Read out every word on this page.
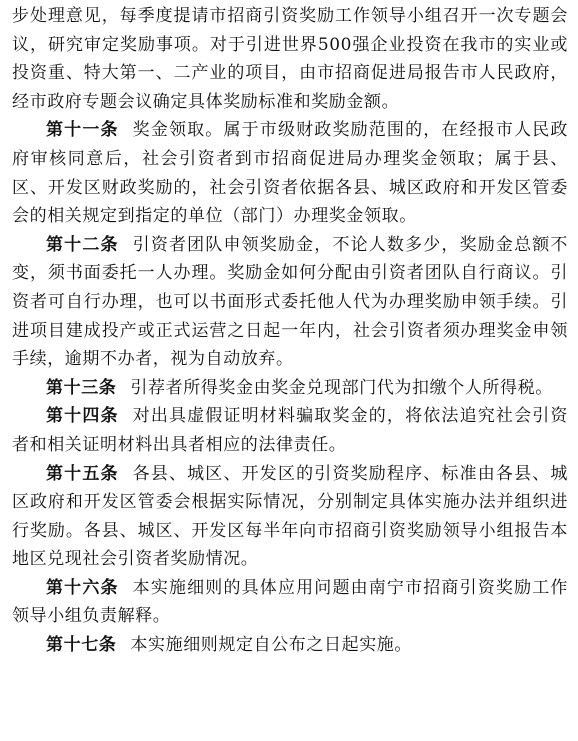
步处理意见，每季度提请市招商引资奖励工作领导小组召开一次专题会议，研究审定奖励事项。对于引进世界500强企业投资在我市的实业或投资重、特大第一、二产业的项目，由市招商促进局报告市人民政府，经市政府专题会议确定具体奖励标准和奖励金额。

第十一条 奖金领取。属于市级财政奖励范围的，在经报市人民政府审核同意后，社会引资者到市招商促进局办理奖金领取；属于县、区、开发区财政奖励的，社会引资者依据各县、城区政府和开发区管委会的相关规定到指定的单位（部门）办理奖金领取。

第十二条 引资者团队申领奖励金，不论人数多少，奖励金总额不变，须书面委托一人办理。奖励金如何分配由引资者团队自行商议。引资者可自行办理，也可以书面形式委托他人代为办理奖励申领手续。引进项目建成投产或正式运营之日起一年内，社会引资者须办理奖金申领手续，逾期不办者，视为自动放弃。

第十三条 引荐者所得奖金由奖金兑现部门代为扣缴个人所得税。

第十四条 对出具虚假证明材料骗取奖金的，将依法追究社会引资者和相关证明材料出具者相应的法律责任。

第十五条 各县、城区、开发区的引资奖励程序、标准由各县、城区政府和开发区管委会根据实际情况，分别制定具体实施办法并组织进行奖励。各县、城区、开发区每半年向市招商引资奖励领导小组报告本地区兑现社会引资者奖励情况。

第十六条 本实施细则的具体应用问题由南宁市招商引资奖励工作领导小组负责解释。

第十七条 本实施细则规定自公布之日起实施。
